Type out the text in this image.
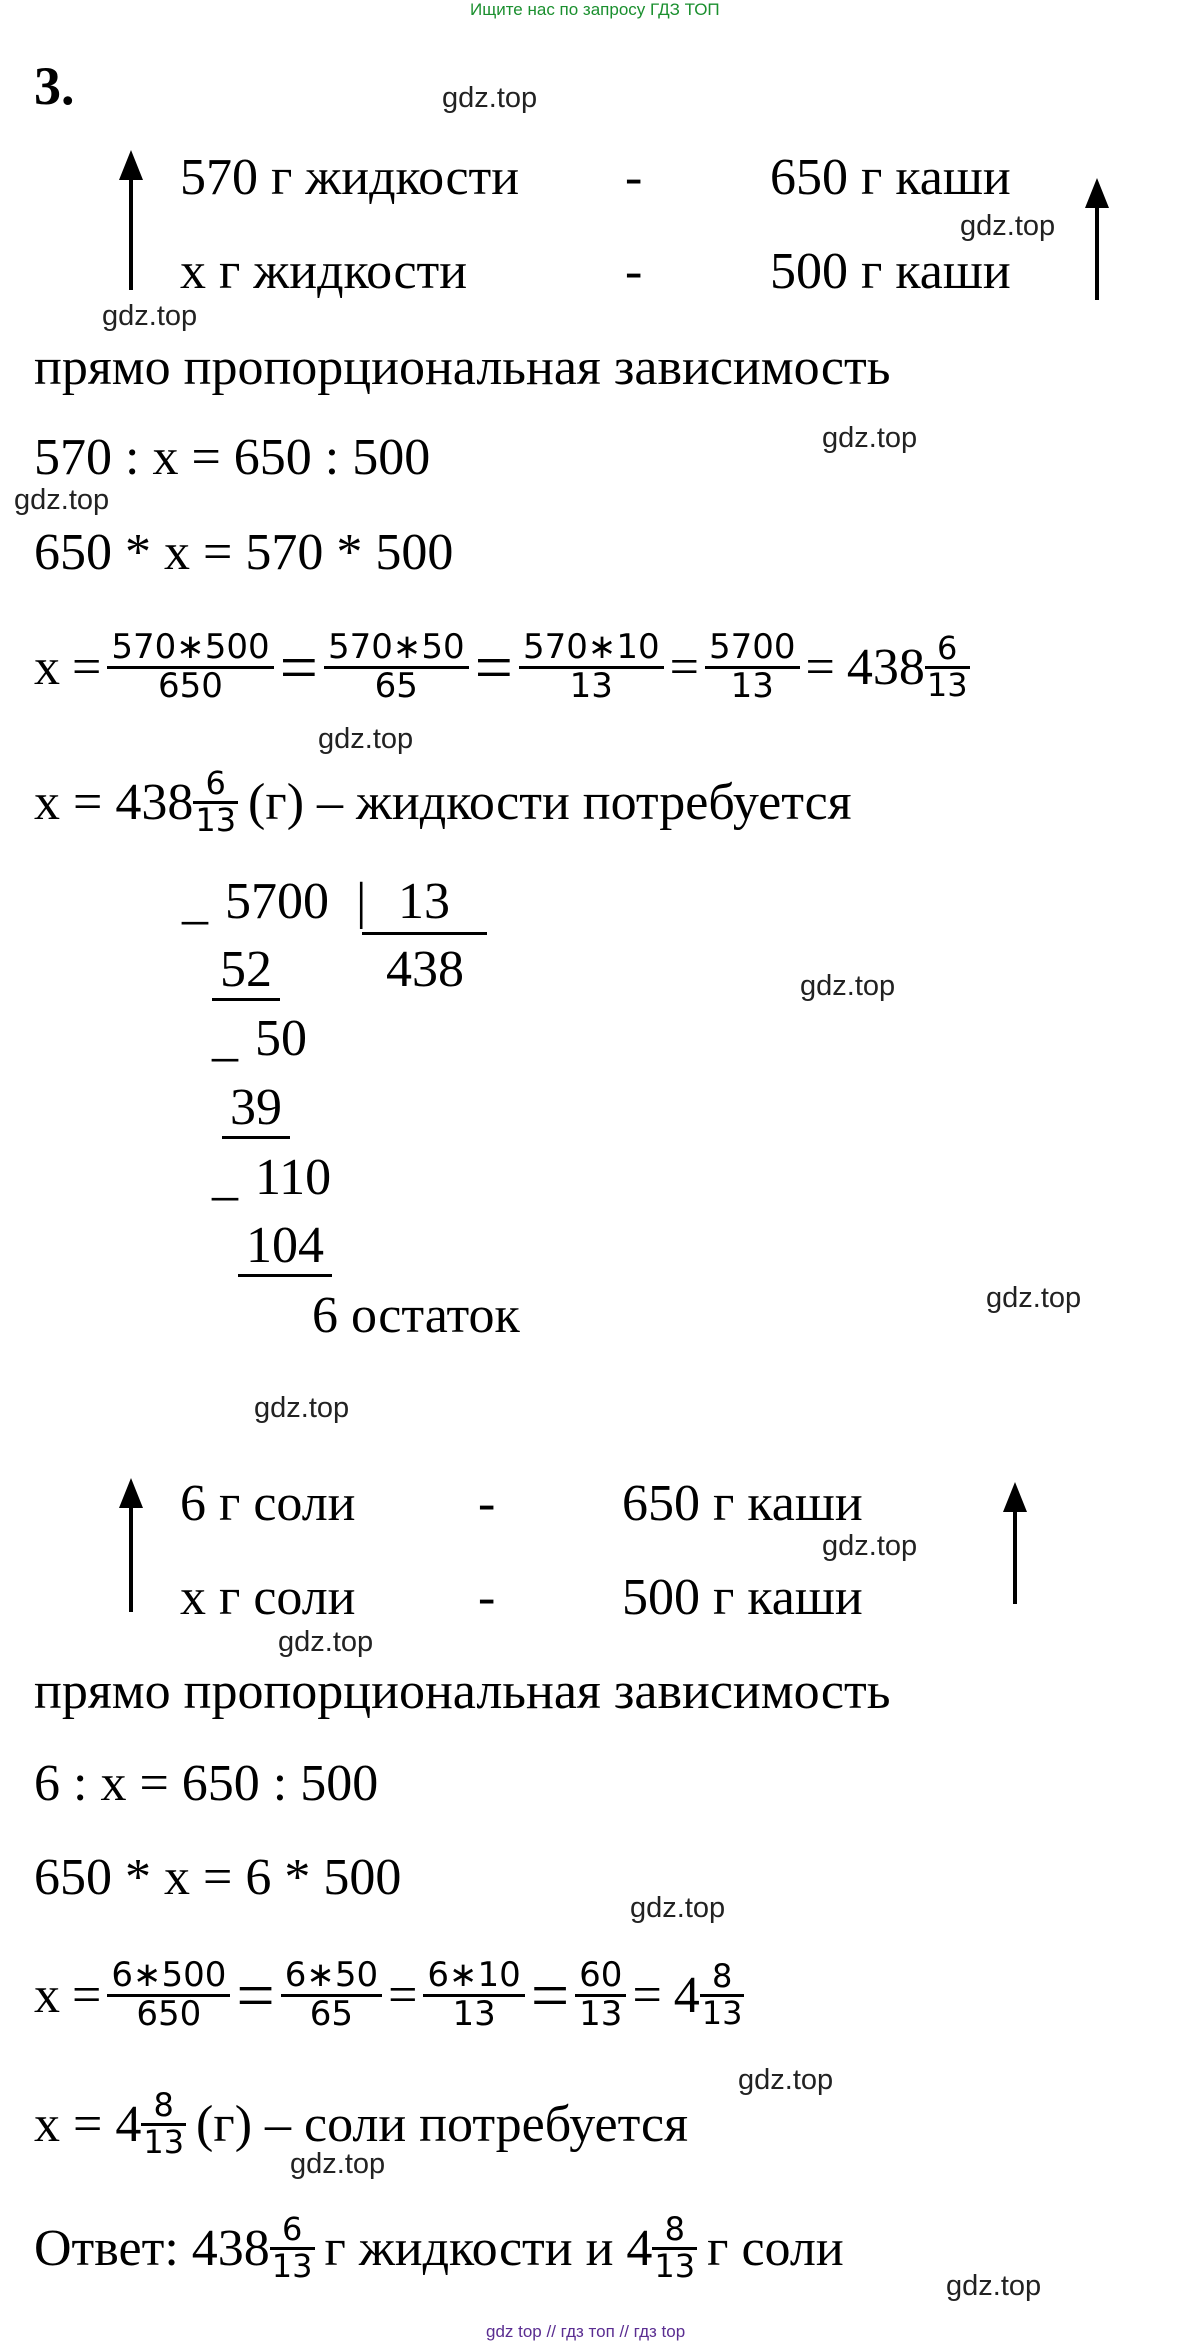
Ищите нас по запросу ГДЗ ТОП
3.
570 г жидкости - 650 г каши
х г жидкости	- 500 г каши
прямо пропорциональная зависимость
570 : х = 650 : 500
650 * х = 570 * 500
$х = \frac{570∗500}{650} = \frac{570∗50}{65} = \frac{570∗10}{13} = \frac{5700}{13} = 438 \frac{6}{13}$
$х = 438 \frac{6}{13} (г)$ – жидкости потребуется
_ 5700 | 13
438
52
_ 50
39
_ 110
104
6 остаток
6 г соли - 650 г каши
х г соли - 500 г каши
прямо пропорциональная зависимость
6 : х = 650 : 500
650 * х = 6 * 500
$х = \frac{6∗500}{650} = \frac{6∗50}{65} = \frac{6∗10}{13} = \frac{60}{13} = 4 \frac{8}{13}$
$х = 4 \frac{8}{13} (г)$ – соли потребуется
Ответ: $438 \frac{6}{13}$ г жидкости и $4 \frac{8}{13}$ г соли
gdz.top
gdz.top
gdz.top
gdz.top
gdz.top
gdz.top
gdz.top
gdz.top
gdz.top
gdz.top
gdz.top
gdz.top
gdz.top
gdz.top
gdz.top
gdz top // гдз топ // гдз top
